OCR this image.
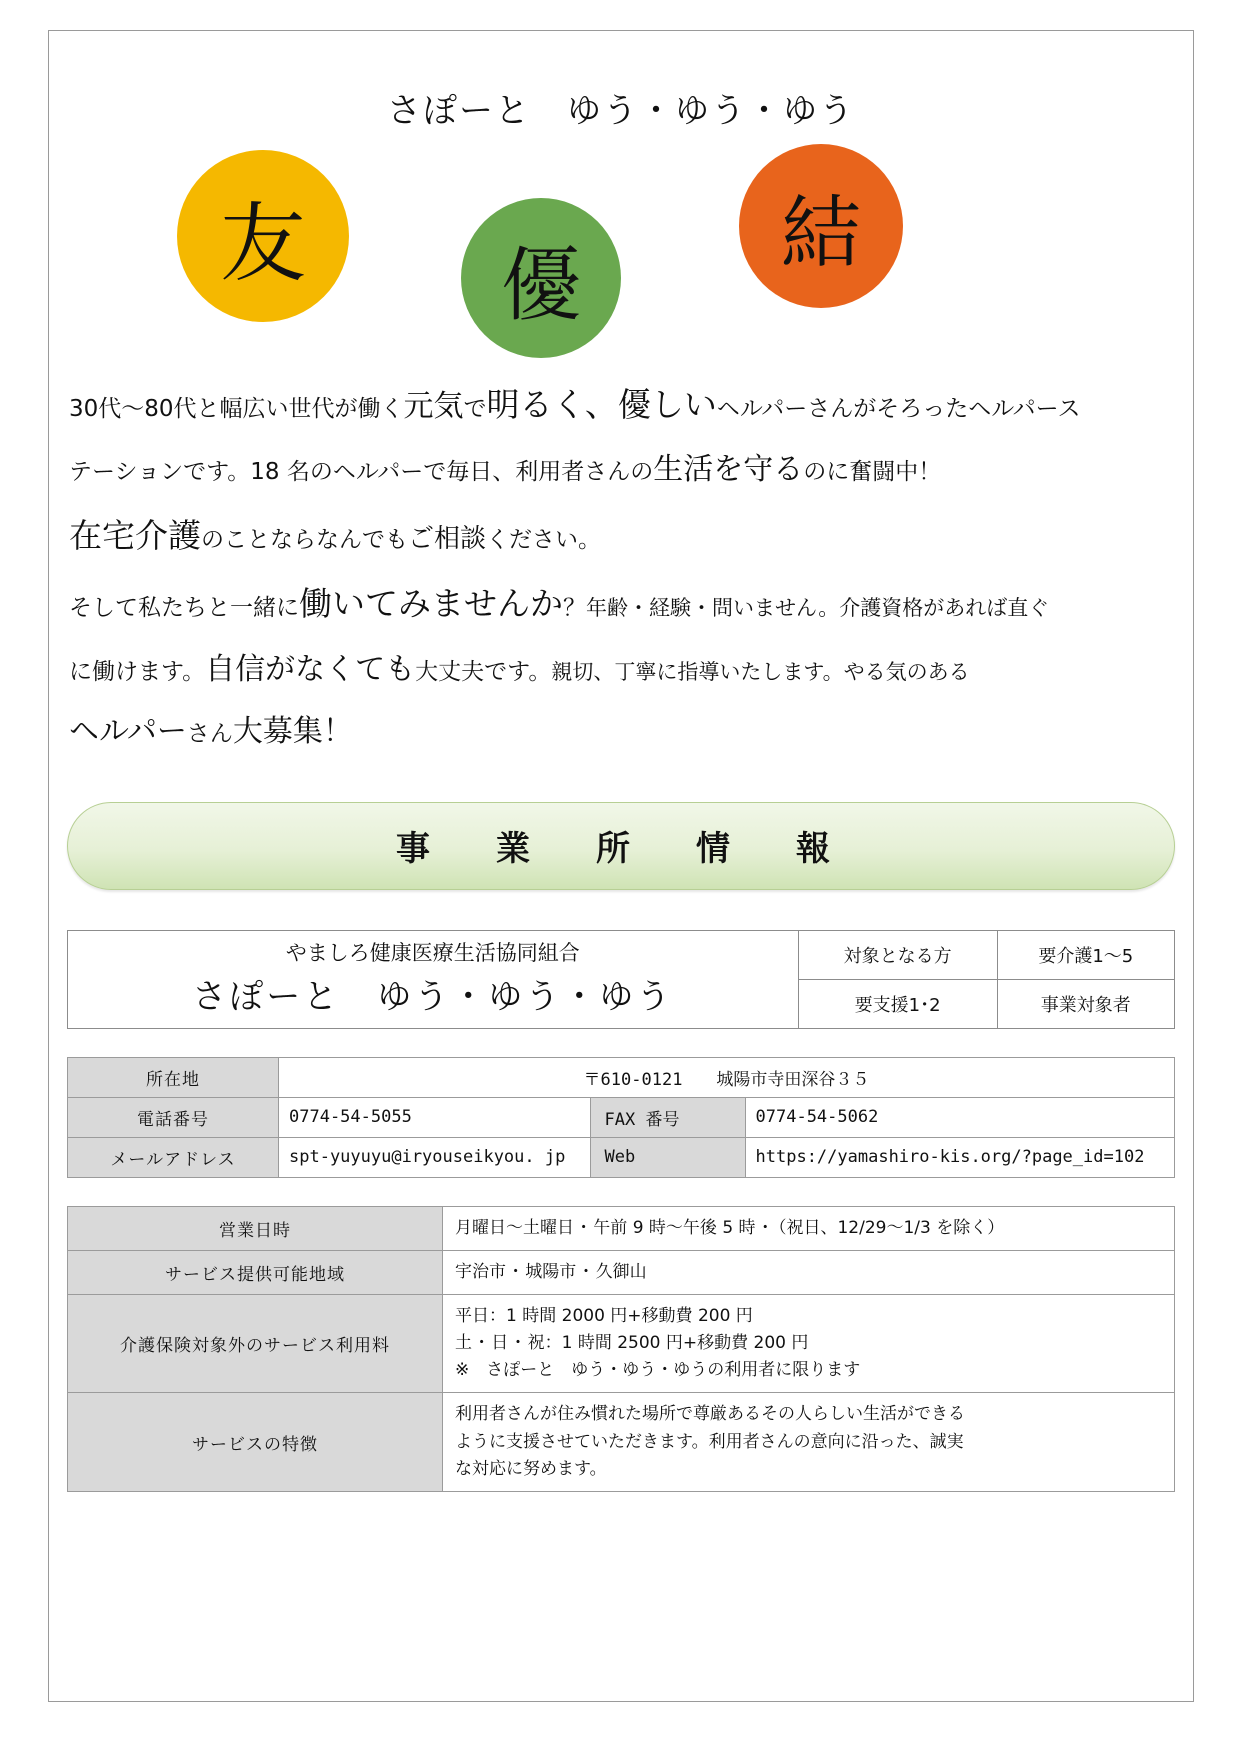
さぽーと　ゆう・ゆう・ゆう
友	優
結

30代～80代と幅広い世代が働く元気で明るく、優しいヘルパーさんがそろったヘルパース

テーションです。18 名のヘルパーで毎日、利用者さんの生活を守るのに奮闘中！

在宅介護のことならなんでもご相談ください。

そして私たちと一緒に働いてみませんか？年齢・経験・問いません。介護資格があれば直ぐ

に働けます。自信がなくても大丈夫です。親切、丁寧に指導いたします。やる気のある

ヘルパーさん大募集！

事　業　所　情　報
やましろ健康医療生活協同組合
さぽーと　ゆう・ゆう・ゆう	対象となる方	要介護1～5
	要支援1･2	事業対象者
所在地	〒610-0121　　城陽市寺田深谷３５		
電話番号	0774-54-5055	FAX 番号	0774-54-5062
メールアドレス	spt-yuyuyu@iryouseikyou. jp	Web	https://yamashiro-kis.org/?page_id=102
営業日時	月曜日～土曜日 ･ 午前 9 時～午後 5 時 ･（祝日、12/29～1/3 を除く）

サービス提供可能地域	宇治市 ･ 城陽市 ･ 久御山

介護保険対象外のサービス利用料	平日：1 時間 2000 円+移動費 200 円
土 ･ 日 ･ 祝：1 時間 2500 円+移動費 200 円
※　さぽーと　ゆう・ゆう・ゆうの利用者に限ります

サービスの特徴	利用者さんが住み慣れた場所で尊厳あるその人らしい生活ができる
ように支援させていただきます。利用者さんの意向に沿った、誠実
な対応に努めます。
